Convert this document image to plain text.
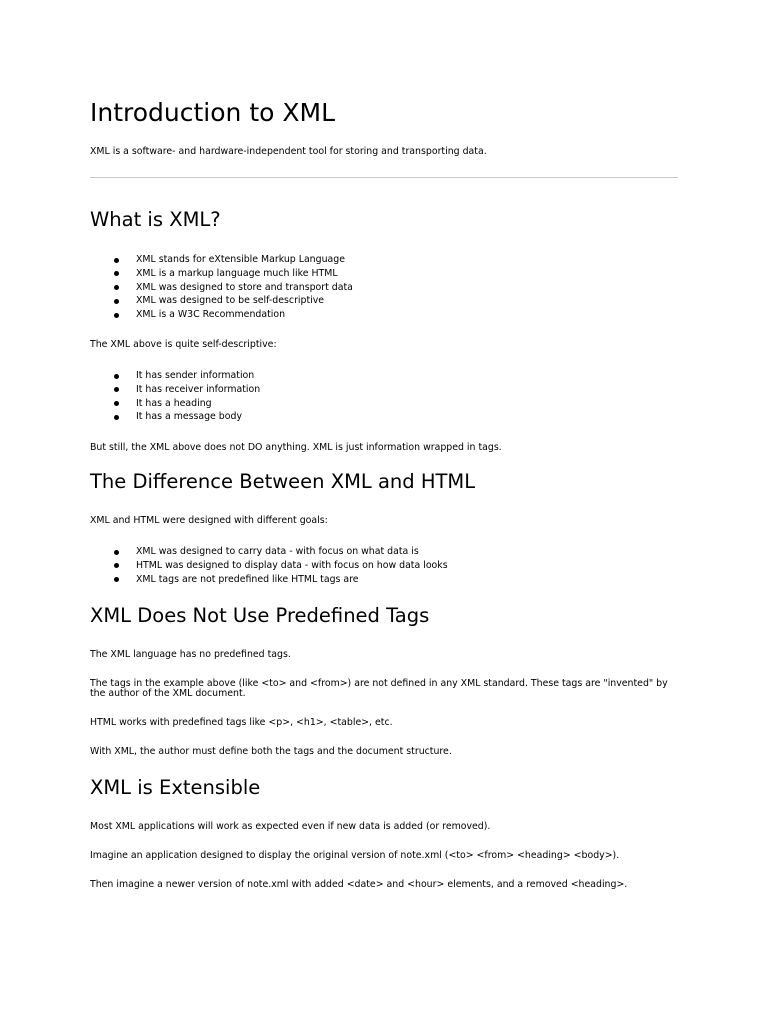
Introduction to XML

XML is a software- and hardware-independent tool for storing and transporting data.

What is XML?
XML stands for eXtensible Markup Language
XML is a markup language much like HTML
XML was designed to store and transport data
XML was designed to be self-descriptive
XML is a W3C Recommendation

The XML above is quite self-descriptive:

It has sender information
It has receiver information
It has a heading
It has a message body

But still, the XML above does not DO anything. XML is just information wrapped in tags.

The Difference Between XML and HTML

XML and HTML were designed with different goals:

XML was designed to carry data - with focus on what data is
HTML was designed to display data - with focus on how data looks
XML tags are not predefined like HTML tags are
XML Does Not Use Predefined Tags

The XML language has no predefined tags.

The tags in the example above (like <to> and <from>) are not defined in any XML standard. These tags are "invented" by the author of the XML document.

HTML works with predefined tags like <p>, <h1>, <table>, etc.

With XML, the author must define both the tags and the document structure.

XML is Extensible

Most XML applications will work as expected even if new data is added (or removed).

Imagine an application designed to display the original version of note.xml (<to> <from> <heading> <body>).

Then imagine a newer version of note.xml with added <date> and <hour> elements, and a removed <heading>.
